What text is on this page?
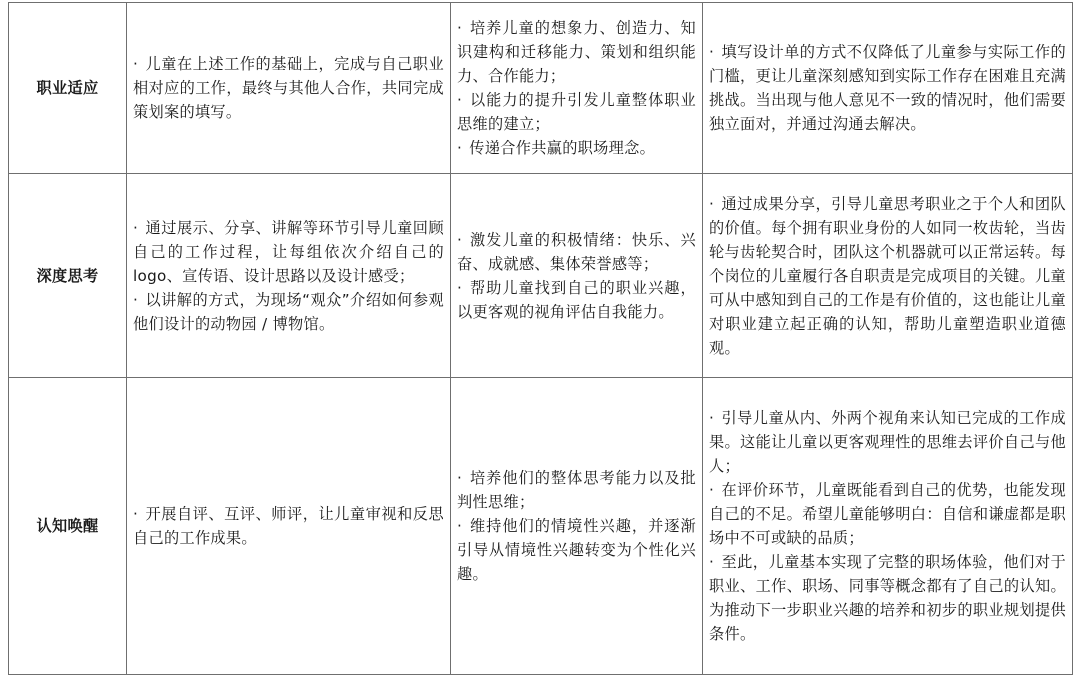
职业适应	· 儿童在上述工作的基础上，完成与自己职业相对应的工作，最终与其他人合作，共同完成策划案的填写。	· 培养儿童的想象力、创造力、知识建构和迁移能力、策划和组织能力、合作能力；
· 以能力的提升引发儿童整体职业思维的建立；
· 传递合作共赢的职场理念。	· 填写设计单的方式不仅降低了儿童参与实际工作的门槛，更让儿童深刻感知到实际工作存在困难且充满挑战。当出现与他人意见不一致的情况时，他们需要独立面对，并通过沟通去解决。

深度思考	· 通过展示、分享、讲解等环节引导儿童回顾自己的工作过程，让每组依次介绍自己的 logo、宣传语、设计思路以及设计感受；
· 以讲解的方式，为现场“观众”介绍如何参观他们设计的动物园 / 博物馆。	· 激发儿童的积极情绪：快乐、兴奋、成就感、集体荣誉感等；
· 帮助儿童找到自己的职业兴趣，以更客观的视角评估自我能力。	· 通过成果分享，引导儿童思考职业之于个人和团队的价值。每个拥有职业身份的人如同一枚齿轮，当齿轮与齿轮契合时，团队这个机器就可以正常运转。每个岗位的儿童履行各自职责是完成项目的关键。儿童可从中感知到自己的工作是有价值的，这也能让儿童对职业建立起正确的认知，帮助儿童塑造职业道德观。

认知唤醒	· 开展自评、互评、师评，让儿童审视和反思自己的工作成果。	· 培养他们的整体思考能力以及批判性思维；
· 维持他们的情境性兴趣，并逐渐引导从情境性兴趣转变为个性化兴趣。	· 引导儿童从内、外两个视角来认知已完成的工作成果。这能让儿童以更客观理性的思维去评价自己与他人；
· 在评价环节，儿童既能看到自己的优势，也能发现自己的不足。希望儿童能够明白：自信和谦虚都是职场中不可或缺的品质；
· 至此，儿童基本实现了完整的职场体验，他们对于职业、工作、职场、同事等概念都有了自己的认知。为推动下一步职业兴趣的培养和初步的职业规划提供条件。
